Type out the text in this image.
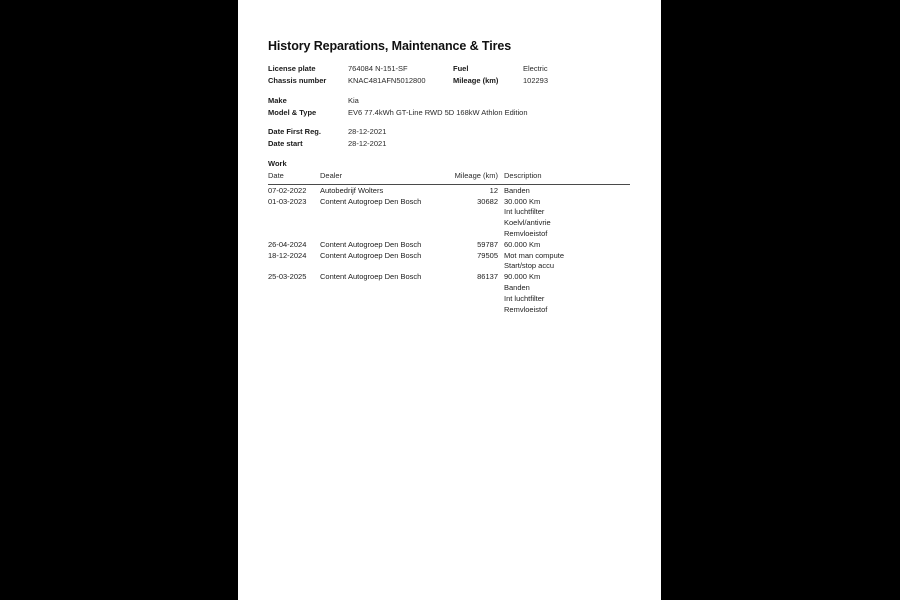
History Reparations, Maintenance & Tires
License plate	764084 N-151-SF	Fuel	Electric
Chassis number	KNAC481AFN5012800	Mileage (km)	102293
Make	Kia
Model & Type	EV6 77.4kWh GT-Line RWD 5D 168kW Athlon Edition
Date First Reg.	28-12-2021
Date start	28-12-2021
Work
Date	Dealer	Mileage (km) Description
07-02-2022	Autobedrijf Wolters	12 Banden
01-03-2023	Content Autogroep Den Bosch	30682 30.000 Km
Int luchtfilter
Koelvl/antivrie
Remvloeistof
26-04-2024	Content Autogroep Den Bosch	59787 60.000 Km
18-12-2024	Content Autogroep Den Bosch	79505 Mot man compute
Start/stop accu
25-03-2025	Content Autogroep Den Bosch	86137 90.000 Km
Banden
Int luchtfilter
Remvloeistof
